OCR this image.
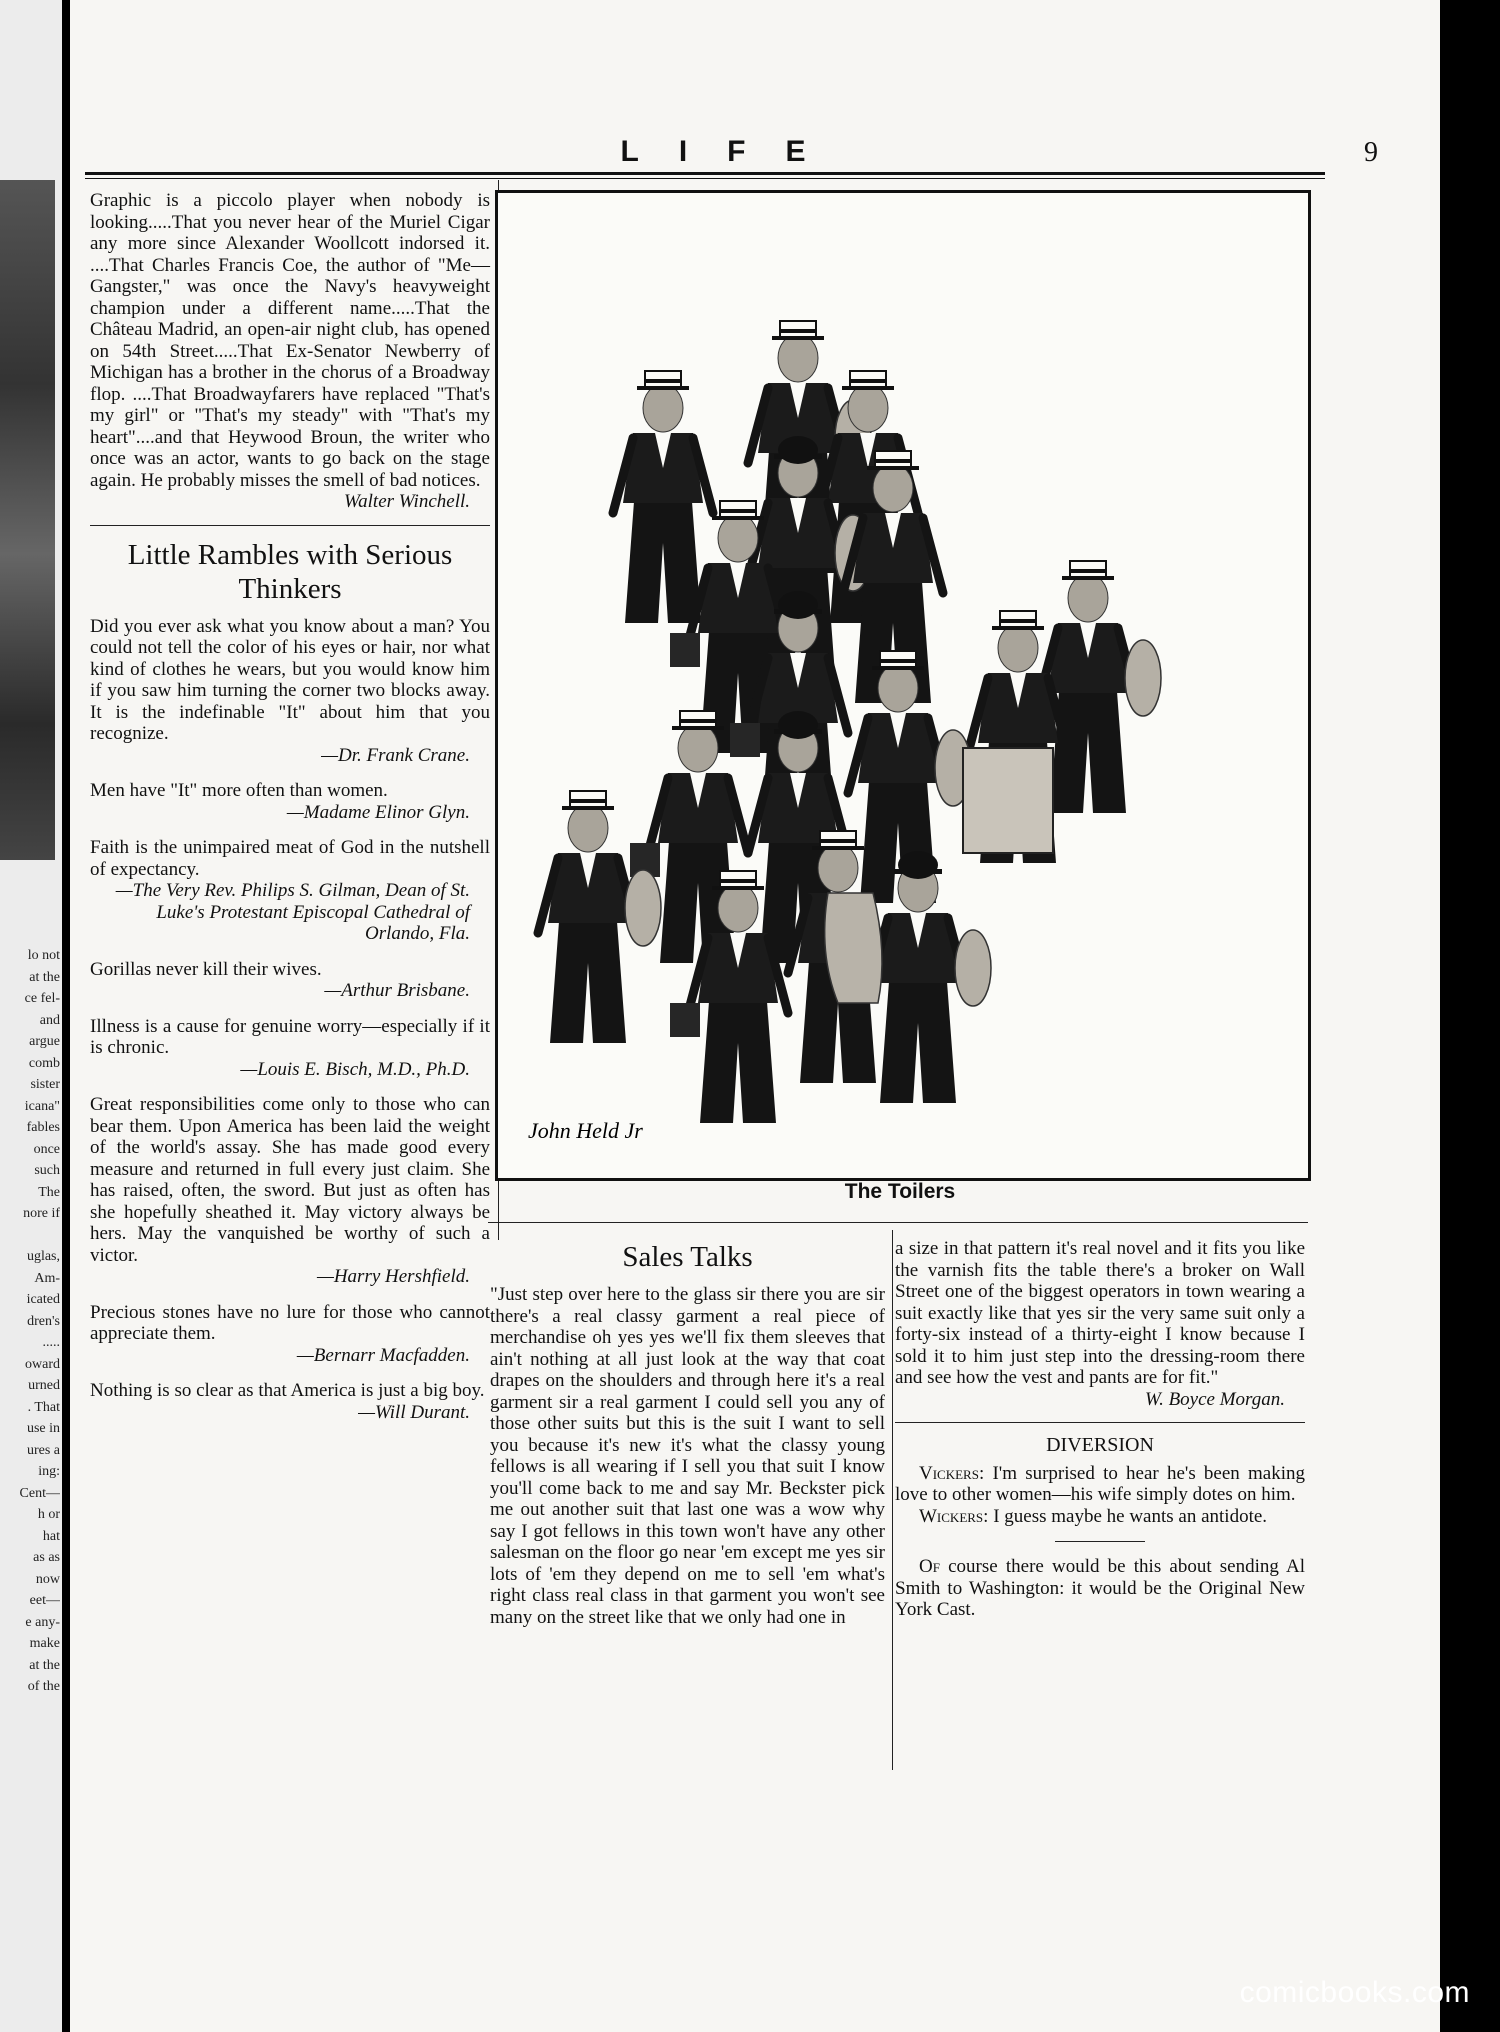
lo not
at the
ce fel-
and
argue
comb
sister
icana"
fables
once
such
The
nore if

uglas,
Am-
icated
dren's
.....
oward
urned
. That
use in
ures a
ing:
Cent—
h or
hat
as as
now
eet—
e any-
make
at the
of the
LIFE	9

Graphic is a piccolo player when nobody is looking.....That you never hear of the Muriel Cigar any more since Alexander Woollcott indorsed it. ....That Charles Francis Coe, the author of "Me—Gangster," was once the Navy's heavyweight champion under a different name.....That the Château Madrid, an open-air night club, has opened on 54th Street.....That Ex-Senator Newberry of Michigan has a brother in the chorus of a Broadway flop. ....That Broadwayfarers have replaced "That's my girl" or "That's my steady" with "That's my heart"....and that Heywood Broun, the writer who once was an actor, wants to go back on the stage again. He probably misses the smell of bad notices.

Walter Winchell.

Little Rambles with Serious Thinkers

Did you ever ask what you know about a man? You could not tell the color of his eyes or hair, nor what kind of clothes he wears, but you would know him if you saw him turning the corner two blocks away. It is the indefinable "It" about him that you recognize.

—Dr. Frank Crane.

Men have "It" more often than women.

—Madame Elinor Glyn.

Faith is the unimpaired meat of God in the nutshell of expectancy.

—The Very Rev. Philips S. Gilman, Dean of St. Luke's Protestant Episcopal Cathedral of Orlando, Fla.

Gorillas never kill their wives.

—Arthur Brisbane.

Illness is a cause for genuine worry—especially if it is chronic.

—Louis E. Bisch, M.D., Ph.D.

Great responsibilities come only to those who can bear them. Upon America has been laid the weight of the world's assay. She has made good every measure and returned in full every just claim. She has raised, often, the sword. But just as often has she hopefully sheathed it. May victory always be hers. May the vanquished be worthy of such a victor.

—Harry Hershfield.

Precious stones have no lure for those who cannot appreciate them.

—Bernarr Macfadden.

Nothing is so clear as that America is just a big boy.

—Will Durant.

John Held Jr
The Toilers
Sales Talks

"Just step over here to the glass sir there you are sir there's a real classy garment a real piece of merchandise oh yes yes we'll fix them sleeves that ain't nothing at all just look at the way that coat drapes on the shoulders and through here it's a real garment sir a real garment I could sell you any of those other suits but this is the suit I want to sell you because it's new it's what the classy young fellows is all wearing if I sell you that suit I know you'll come back to me and say Mr. Beckster pick me out another suit that last one was a wow why say I got fellows in this town won't have any other salesman on the floor go near 'em except me yes sir lots of 'em they depend on me to sell 'em what's right class real class in that garment you won't see many on the street like that we only had one in

a size in that pattern it's real novel and it fits you like the varnish fits the table there's a broker on Wall Street one of the biggest operators in town wearing a suit exactly like that yes sir the very same suit only a forty-six instead of a thirty-eight I know because I sold it to him just step into the dressing-room there and see how the vest and pants are for fit."

W. Boyce Morgan.

DIVERSION

Vickers: I'm surprised to hear he's been making love to other women—his wife simply dotes on him.

Wickers: I guess maybe he wants an antidote.

Of course there would be this about sending Al Smith to Washington: it would be the Original New York Cast.

comicbooks.com
